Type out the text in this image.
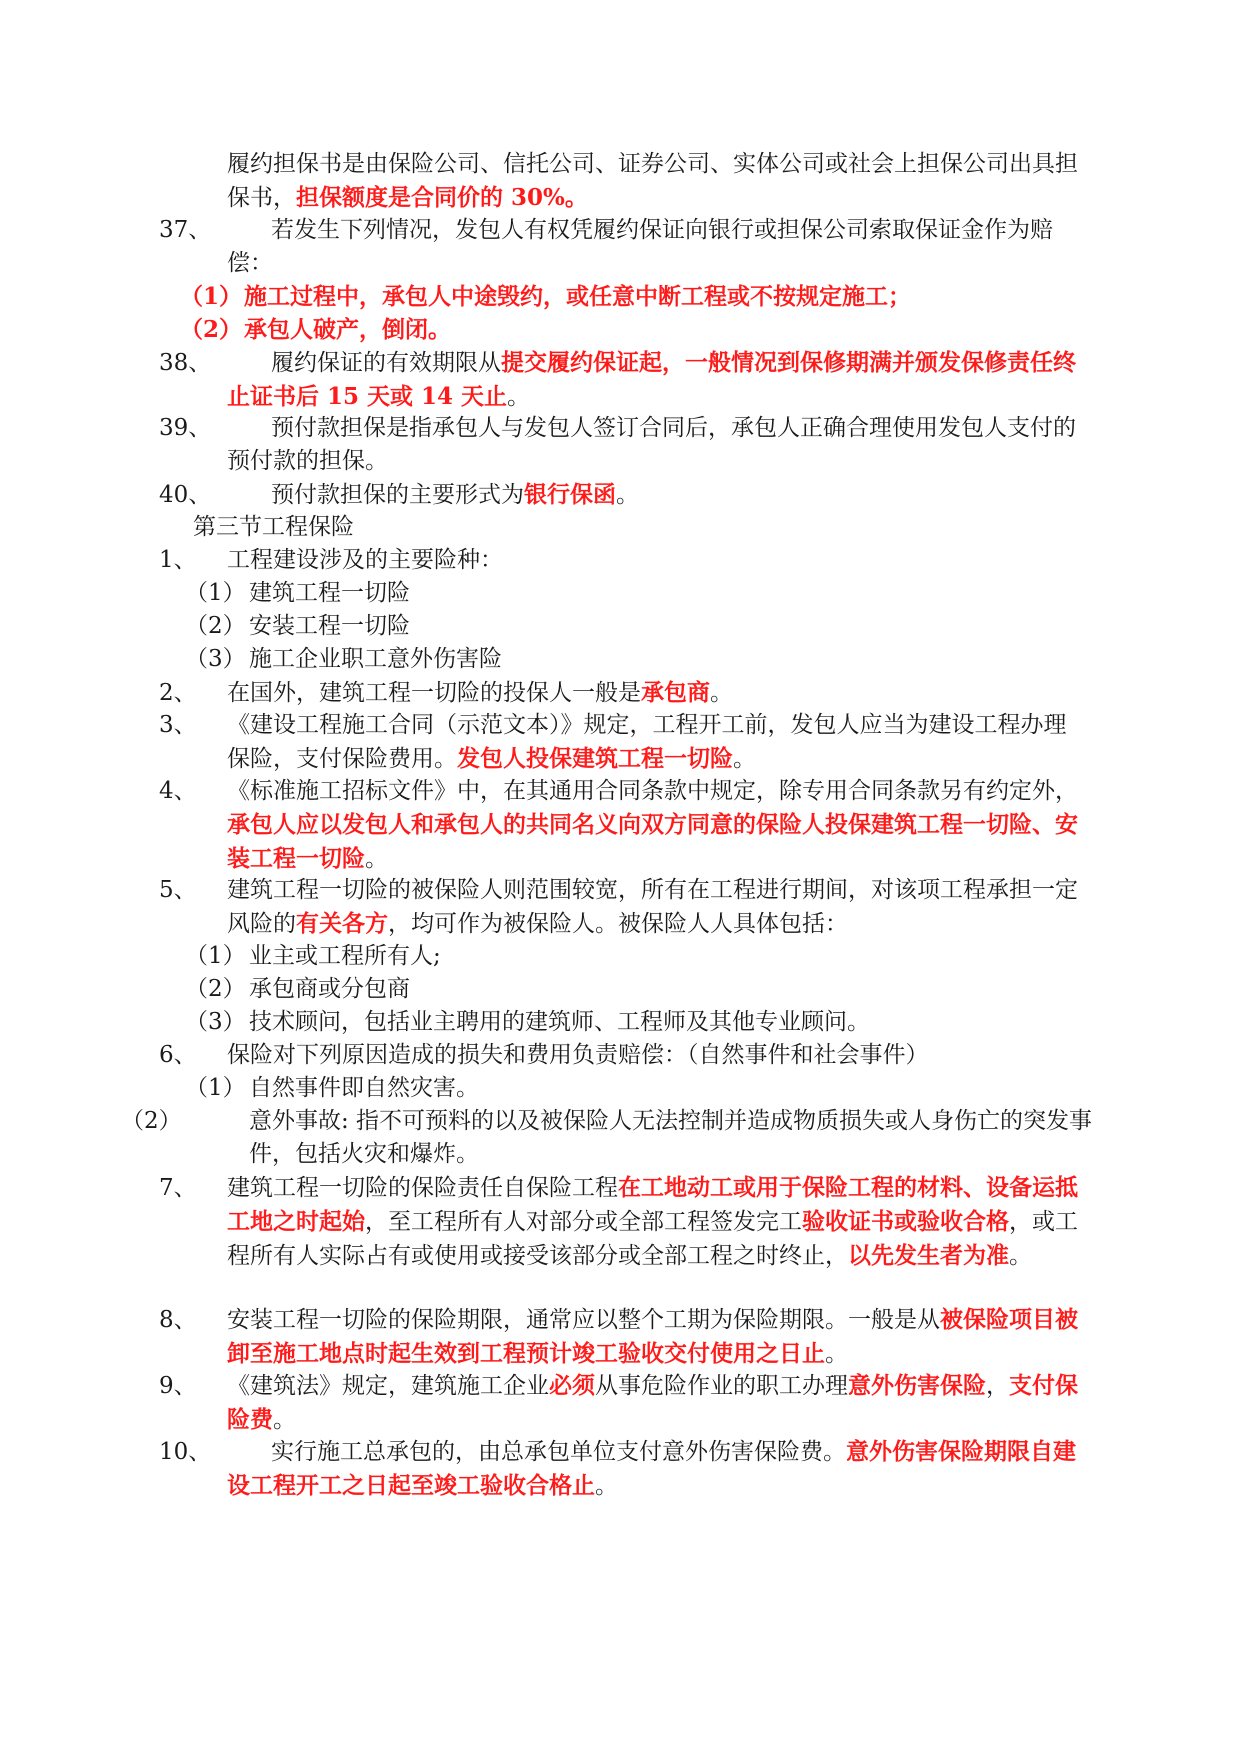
履约担保书是由保险公司、信托公司、证券公司、实体公司或社会上担保公司出具担保书，担保额度是合同价的 30%。
37、	若发生下列情况，发包人有权凭履约保证向银行或担保公司索取保证金作为赔偿：
（1）施工过程中，承包人中途毁约，或任意中断工程或不按规定施工；
（2）承包人破产，倒闭。
38、	履约保证的有效期限从提交履约保证起，一般情况到保修期满并颁发保修责任终止证书后 15 天或 14 天止。
39、	预付款担保是指承包人与发包人签订合同后，承包人正确合理使用发包人支付的预付款的担保。
40、	预付款担保的主要形式为银行保函。
第三节工程保险
1、 工程建设涉及的主要险种：
（1） 建筑工程一切险
（2） 安装工程一切险
（3） 施工企业职工意外伤害险
2、 在国外，建筑工程一切险的投保人一般是承包商。
3、 《建设工程施工合同（示范文本）》规定，工程开工前，发包人应当为建设工程办理保险，支付保险费用。发包人投保建筑工程一切险。
4、 《标准施工招标文件》中，在其通用合同条款中规定，除专用合同条款另有约定外，承包人应以发包人和承包人的共同名义向双方同意的保险人投保建筑工程一切险、安装工程一切险。
5、 建筑工程一切险的被保险人则范围较宽，所有在工程进行期间，对该项工程承担一定风险的有关各方，均可作为被保险人。被保险人人具体包括：
（1） 业主或工程所有人;
（2） 承包商或分包商
（3） 技术顾问，包括业主聘用的建筑师、工程师及其他专业顾问。
6、 保险对下列原因造成的损失和费用负责赔偿：（自然事件和社会事件）
（1） 自然事件即自然灾害。
（2）	意外事故: 指不可预料的以及被保险人无法控制并造成物质损失或人身伤亡的突发事件，包括火灾和爆炸。
7、 建筑工程一切险的保险责任自保险工程在工地动工或用于保险工程的材料、设备运抵工地之时起始，至工程所有人对部分或全部工程签发完工验收证书或验收合格，或工程所有人实际占有或使用或接受该部分或全部工程之时终止，以先发生者为准。
8、 安装工程一切险的保险期限，通常应以整个工期为保险期限。一般是从被保险项目被卸至施工地点时起生效到工程预计竣工验收交付使用之日止。
9、 《建筑法》规定，建筑施工企业必须从事危险作业的职工办理意外伤害保险，支付保险费。
10、	实行施工总承包的，由总承包单位支付意外伤害保险费。意外伤害保险期限自建设工程开工之日起至竣工验收合格止。
